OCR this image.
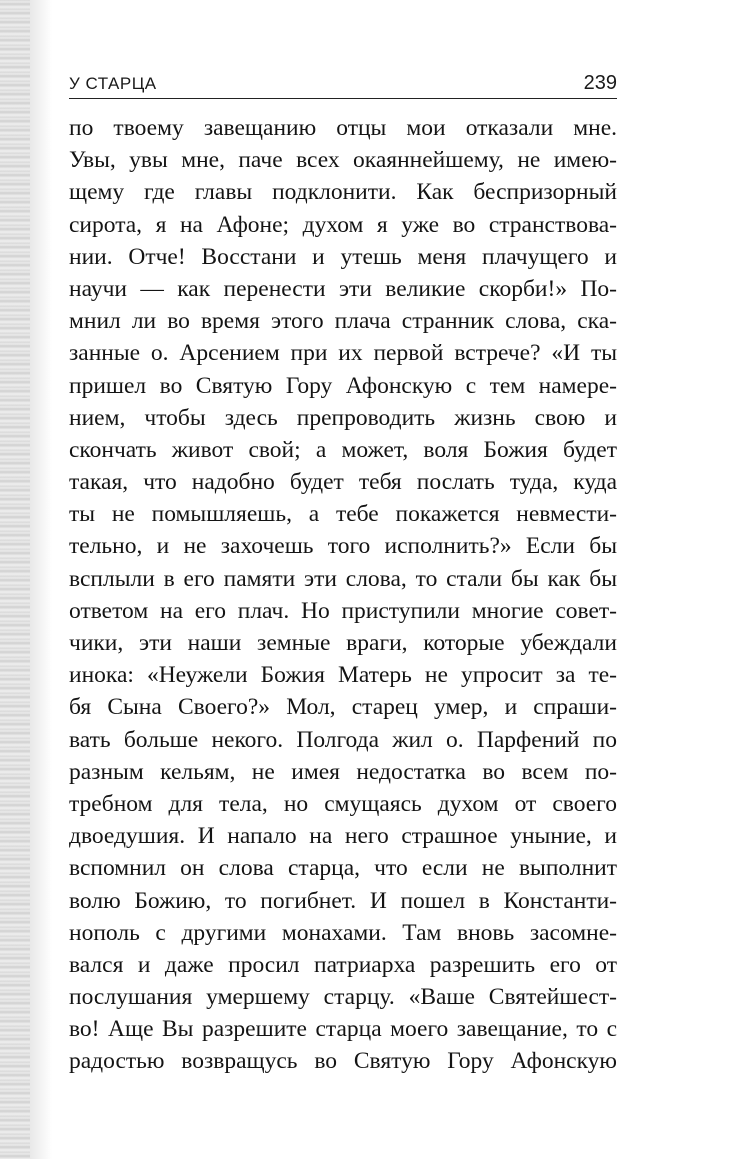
У СТАРЦА	239
по твоему завещанию отцы мои отказали мне.
Увы, увы мне, паче всех окаяннейшему, не имею-
щему где главы подклонити. Как беспризорный
сирота, я на Афоне; духом я уже во странствова-
нии. Отче! Восстани и утешь меня плачущего и
научи — как перенести эти великие скорби!» По-
мнил ли во время этого плача странник слова, ска-
занные о. Арсением при их первой встрече? «И ты
пришел во Святую Гору Афонскую с тем намере-
нием, чтобы здесь препроводить жизнь свою и
скончать живот свой; а может, воля Божия будет
такая, что надобно будет тебя послать туда, куда
ты не помышляешь, а тебе покажется невмести-
тельно, и не захочешь того исполнить?» Если бы
всплыли в его памяти эти слова, то стали бы как бы
ответом на его плач. Но приступили многие совет-
чики, эти наши земные враги, которые убеждали
инока: «Неужели Божия Матерь не упросит за те-
бя Сына Своего?» Мол, старец умер, и спраши-
вать больше некого. Полгода жил о. Парфений по
разным кельям, не имея недостатка во всем по-
требном для тела, но смущаясь духом от своего
двоедушия. И напало на него страшное уныние, и
вспомнил он слова старца, что если не выполнит
волю Божию, то погибнет. И пошел в Константи-
нополь с другими монахами. Там вновь засомне-
вался и даже просил патриарха разрешить его от
послушания умершему старцу. «Ваше Святейшест-
во! Аще Вы разрешите старца моего завещание, то с
радостью возвращусь во Святую Гору Афонскую
